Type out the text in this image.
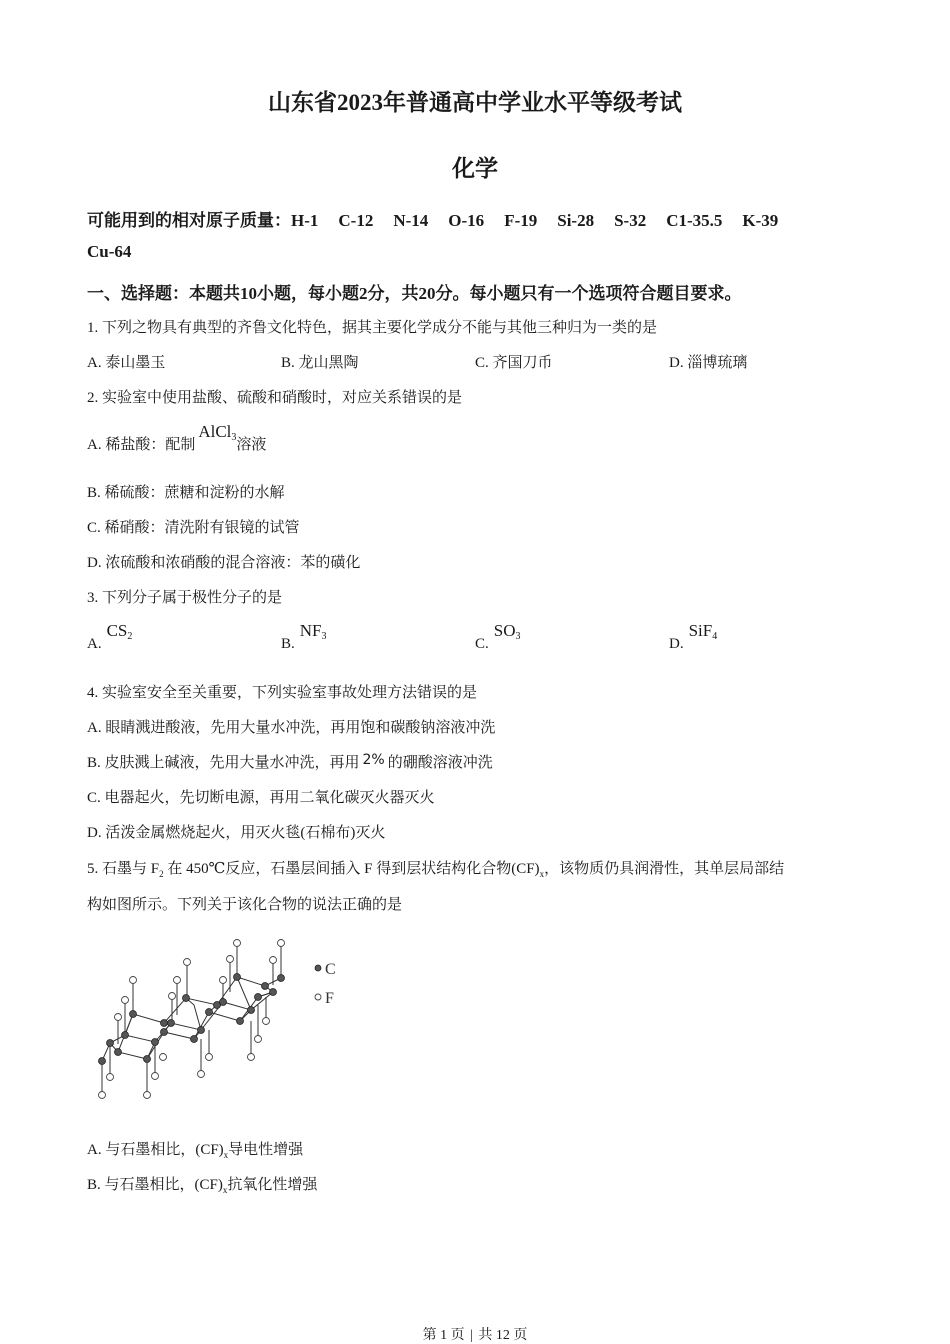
山东省2023年普通高中学业水平等级考试
化学
可能用到的相对原子质量：H-1 C-12 N-14 O-16 F-19 Si-28 S-32 C1-35.5 K-39
Cu-64
一、选择题：本题共10小题，每小题2分，共20分。每小题只有一个选项符合题目要求。
1. 下列之物具有典型的齐鲁文化特色，据其主要化学成分不能与其他三种归为一类的是
A. 泰山墨玉	B. 龙山黑陶	C. 齐国刀币	D. 淄博琉璃
2. 实验室中使用盐酸、硫酸和硝酸时，对应关系错误的是
A. 稀盐酸：配制AlCl$_3$溶液
B. 稀硫酸：蔗糖和淀粉的水解
C. 稀硝酸：清洗附有银镜的试管
D. 浓硫酸和浓硝酸的混合溶液：苯的磺化
3. 下列分子属于极性分子的是
$A.CS_2$	$B.NF_3$	$C.SO_3$	D.SiF$_4$
4. 实验室安全至关重要，下列实验室事故处理方法错误的是
A. 眼睛溅进酸液，先用大量水冲洗，再用饱和碳酸钠溶液冲洗
B. 皮肤溅上碱液，先用大量水冲洗，再用 2% 的硼酸溶液冲洗
C. 电器起火，先切断电源，再用二氧化碳灭火器灭火
D. 活泼金属燃烧起火，用灭火毯(石棉布)灭火
5. 石墨与 $F_2$ 在 450℃反应，石墨层间插入 F 得到层状结构化合物$(CF)_x$，该物质仍具润滑性，其单层局部结
构如图所示。下列关于该化合物的说法正确的是
C
F
A. 与石墨相比，$(CF)_x$导电性增强
B. 与石墨相比，$(CF)_x$抗氧化性增强
第 1 页 | 共 12 页
